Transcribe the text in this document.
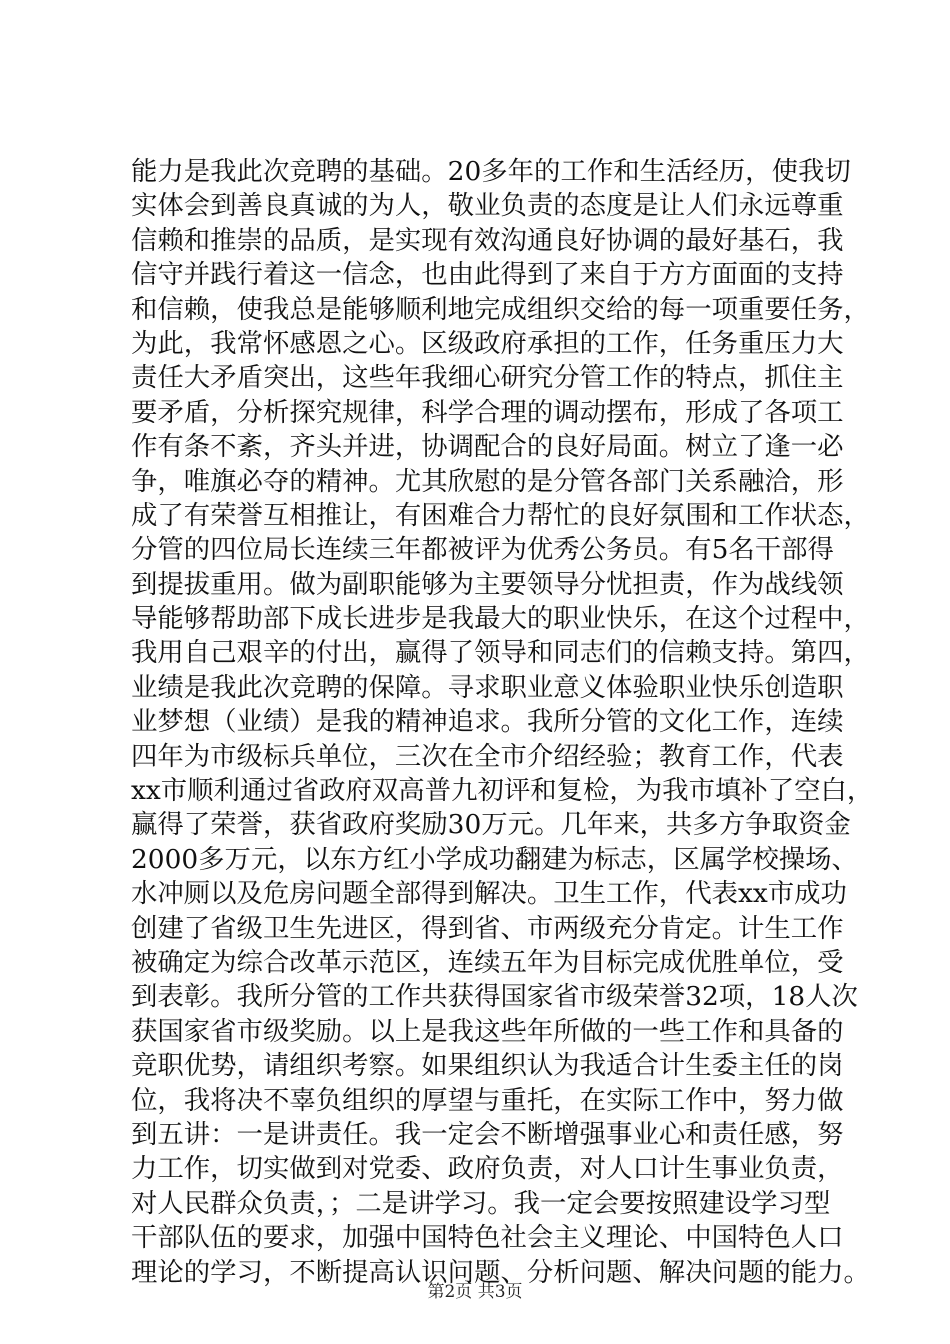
能力是我此次竞聘的基础。20多年的工作和生活经历，使我切
实体会到善良真诚的为人，敬业负责的态度是让人们永远尊重
信赖和推崇的品质，是实现有效沟通良好协调的最好基石，我
信守并践行着这一信念，也由此得到了来自于方方面面的支持
和信赖，使我总是能够顺利地完成组织交给的每一项重要任务，
为此，我常怀感恩之心。区级政府承担的工作，任务重压力大
责任大矛盾突出，这些年我细心研究分管工作的特点，抓住主
要矛盾，分析探究规律，科学合理的调动摆布，形成了各项工
作有条不紊，齐头并进，协调配合的良好局面。树立了逢一必
争，唯旗必夺的精神。尤其欣慰的是分管各部门关系融洽，形
成了有荣誉互相推让，有困难合力帮忙的良好氛围和工作状态，
分管的四位局长连续三年都被评为优秀公务员。有5名干部得
到提拔重用。做为副职能够为主要领导分忧担责，作为战线领
导能够帮助部下成长进步是我最大的职业快乐，在这个过程中，
我用自己艰辛的付出，赢得了领导和同志们的信赖支持。第四，
业绩是我此次竞聘的保障。寻求职业意义体验职业快乐创造职
业梦想（业绩）是我的精神追求。我所分管的文化工作，连续
四年为市级标兵单位，三次在全市介绍经验；教育工作，代表
xx市顺利通过省政府双高普九初评和复检，为我市填补了空白，
赢得了荣誉，获省政府奖励30万元。几年来，共多方争取资金
2000多万元，以东方红小学成功翻建为标志，区属学校操场、
水冲厕以及危房问题全部得到解决。卫生工作，代表xx市成功
创建了省级卫生先进区，得到省、市两级充分肯定。计生工作
被确定为综合改革示范区，连续五年为目标完成优胜单位，受
到表彰。我所分管的工作共获得国家省市级荣誉32项，18人次
获国家省市级奖励。以上是我这些年所做的一些工作和具备的
竞职优势，请组织考察。如果组织认为我适合计生委主任的岗
位，我将决不辜负组织的厚望与重托，在实际工作中，努力做
到五讲：一是讲责任。我一定会不断增强事业心和责任感，努
力工作，切实做到对党委、政府负责，对人口计生事业负责，
对人民群众负责，；二是讲学习。我一定会要按照建设学习型
干部队伍的要求，加强中国特色社会主义理论、中国特色人口
理论的学习，不断提高认识问题、分析问题、解决问题的能力。
第2页 共3页
